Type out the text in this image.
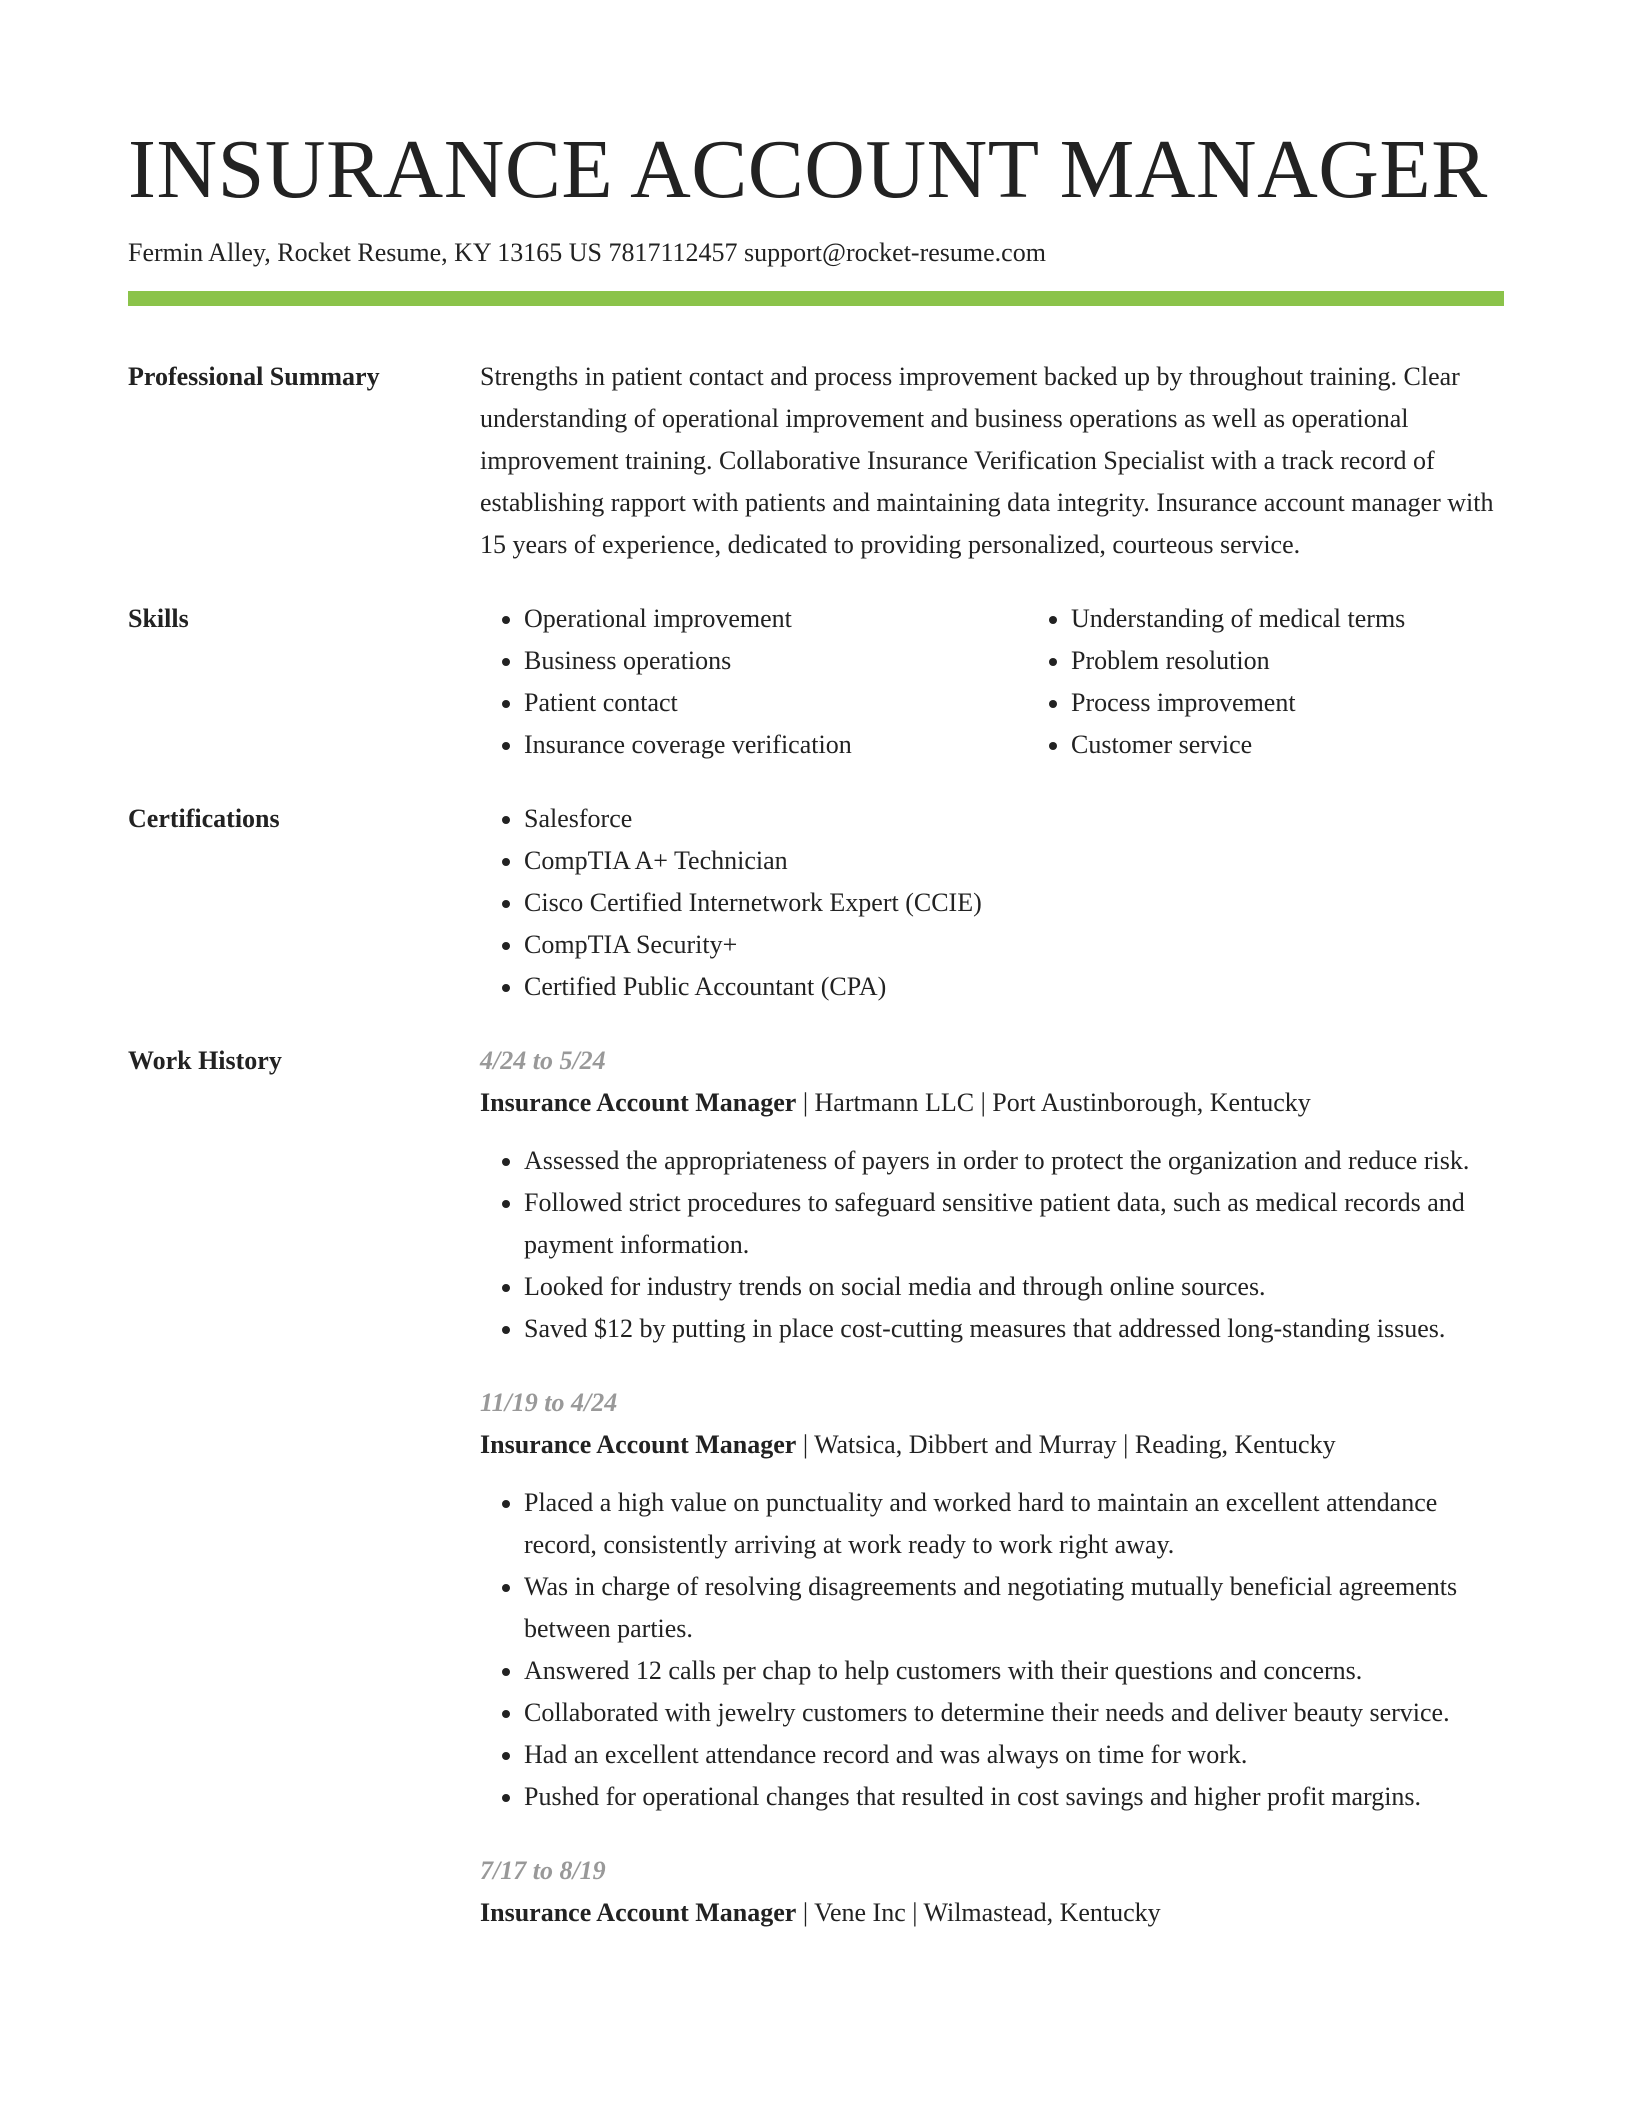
INSURANCE ACCOUNT MANAGER
Fermin Alley, Rocket Resume, KY 13165 US 7817112457 support@rocket-resume.com
Professional Summary	Strengths in patient contact and process improvement backed up by throughout training. Clear understanding of operational improvement and business operations as well as operational improvement training. Collaborative Insurance Verification Specialist with a track record of establishing rapport with patients and maintaining data integrity. Insurance account manager with 15 years of experience, dedicated to providing personalized, courteous service.

Skills	• Operational improvement
• Business operations
• Patient contact
• Insurance coverage verification
• Understanding of medical terms
• Problem resolution
• Process improvement
• Customer service
Certifications	• Salesforce
• CompTIA A+ Technician
• Cisco Certified Internetwork Expert (CCIE)
• CompTIA Security+
• Certified Public Accountant (CPA)
Work History	4/24 to 5/24

Insurance Account Manager | Hartmann LLC | Port Austinborough, Kentucky

• Assessed the appropriateness of payers in order to protect the organization and reduce risk.
• Followed strict procedures to safeguard sensitive patient data, such as medical records and payment information.
• Looked for industry trends on social media and through online sources.
• Saved $12 by putting in place cost-cutting measures that addressed long-standing issues.

11/19 to 4/24

Insurance Account Manager | Watsica, Dibbert and Murray | Reading, Kentucky

• Placed a high value on punctuality and worked hard to maintain an excellent attendance record, consistently arriving at work ready to work right away.
• Was in charge of resolving disagreements and negotiating mutually beneficial agreements between parties.
• Answered 12 calls per chap to help customers with their questions and concerns.
• Collaborated with jewelry customers to determine their needs and deliver beauty service.
• Had an excellent attendance record and was always on time for work.
• Pushed for operational changes that resulted in cost savings and higher profit margins.

7/17 to 8/19

Insurance Account Manager | Vene Inc | Wilmastead, Kentucky
